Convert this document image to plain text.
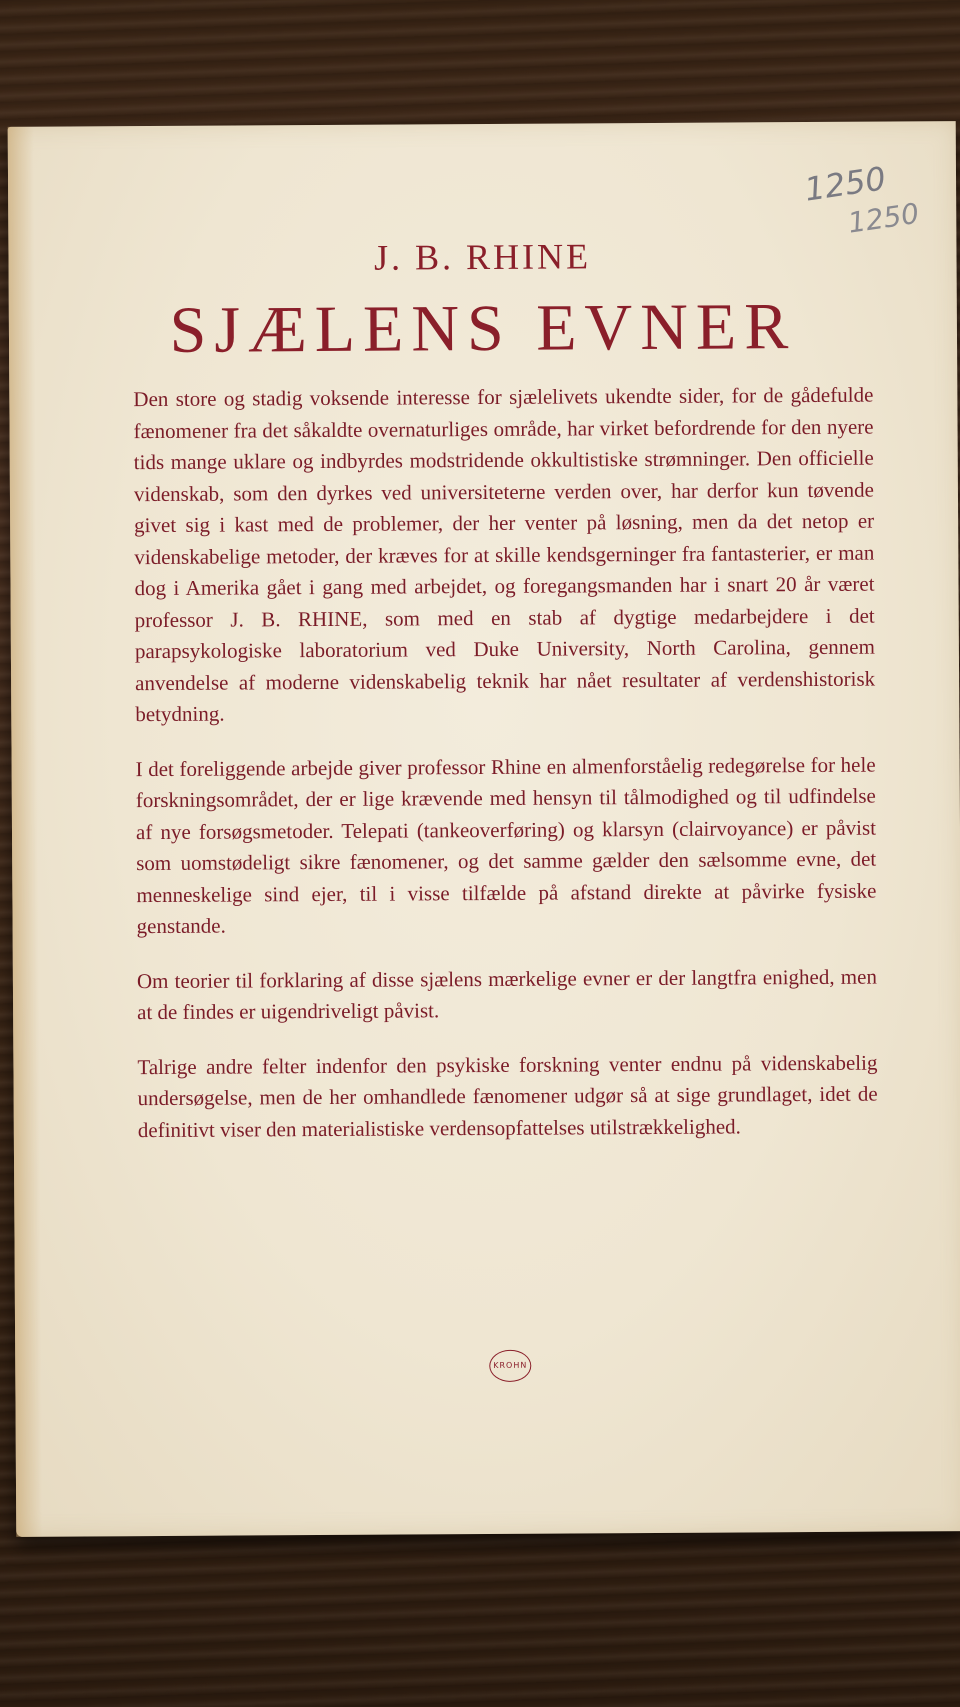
1250
1250
J. B. RHINE
SJÆLENS EVNER

Den store og stadig voksende interesse for sjælelivets ukendte sider, for de gådefulde fænomener fra det såkaldte overnaturliges område, har virket befordrende for den nyere tids mange uklare og indbyrdes modstridende okkultistiske strømninger. Den officielle videnskab, som den dyrkes ved universiteterne verden over, har derfor kun tøvende givet sig i kast med de problemer, der her venter på løsning, men da det netop er videnskabelige metoder, der kræves for at skille kendsgerninger fra fantasterier, er man dog i Amerika gået i gang med arbejdet, og foregangsmanden har i snart 20 år været professor J. B. RHINE, som med en stab af dygtige medarbejdere i det parapsykologiske laboratorium ved Duke University, North Carolina, gennem anvendelse af moderne videnskabelig teknik har nået resultater af verdenshistorisk betydning.

I det foreliggende arbejde giver professor Rhine en almenforståelig redegørelse for hele forskningsområdet, der er lige krævende med hensyn til tålmodighed og til udfindelse af nye forsøgsmetoder. Telepati (tankeoverføring) og klarsyn (clairvoyance) er påvist som uomstødeligt sikre fænomener, og det samme gælder den sælsomme evne, det menneskelige sind ejer, til i visse tilfælde på afstand direkte at påvirke fysiske genstande.

Om teorier til forklaring af disse sjælens mærkelige evner er der langtfra enighed, men at de findes er uigendriveligt påvist.

Talrige andre felter indenfor den psykiske forskning venter endnu på videnskabelig undersøgelse, men de her omhandlede fænomener udgør så at sige grundlaget, idet de definitivt viser den materialistiske verdensopfattelses utilstrækkelighed.

KROHN
